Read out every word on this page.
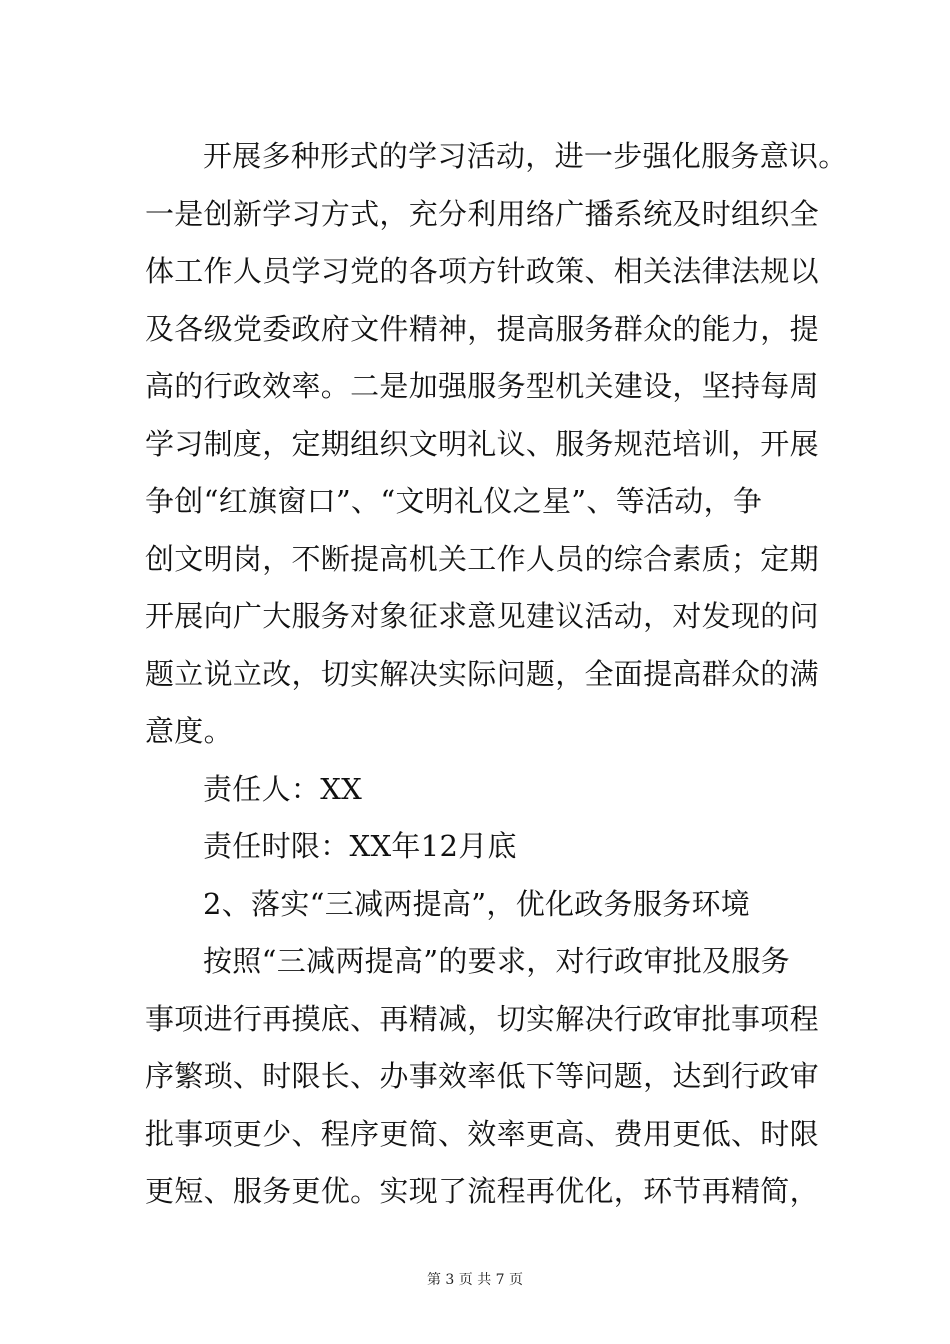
开展多种形式的学习活动，进一步强化服务意识。
一是创新学习方式，充分利用络广播系统及时组织全
体工作人员学习党的各项方针政策、相关法律法规以
及各级党委政府文件精神，提高服务群众的能力，提
高的行政效率。二是加强服务型机关建设，坚持每周
学习制度，定期组织文明礼议、服务规范培训，开展
争创“红旗窗口”、“文明礼仪之星”、等活动，争
创文明岗，不断提高机关工作人员的综合素质；定期
开展向广大服务对象征求意见建议活动，对发现的问
题立说立改，切实解决实际问题，全面提高群众的满
意度。
责任人：XX
责任时限：XX年12月底
2、落实“三减两提高”，优化政务服务环境
按照“三减两提高”的要求，对行政审批及服务
事项进行再摸底、再精减，切实解决行政审批事项程
序繁琐、时限长、办事效率低下等问题，达到行政审
批事项更少、程序更简、效率更高、费用更低、时限
更短、服务更优。实现了流程再优化，环节再精简，
第 3 页 共 7 页
